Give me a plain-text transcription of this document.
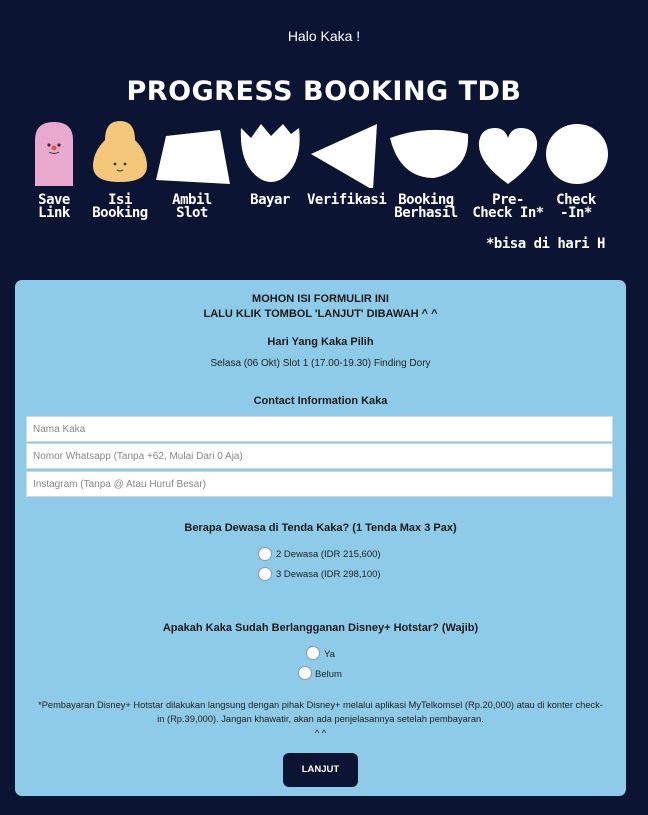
Halo Kaka !
PROGRESS BOOKING TDB
Save
Link
Isi
Booking
Ambil
Slot
Bayar	Verifikasi Booking
Berhasil
Pre-
Check In*
Check
-In*
*bisa di hari H
MOHON ISI FORMULIR INI
LALU KLIK TOMBOL 'LANJUT' DIBAWAH ^ ^
Hari Yang Kaka Pilih
Selasa (06 Okt) Slot 1 (17.00-19.30) Finding Dory
Contact Information Kaka
Nama Kaka
Nomor Whatsapp (Tanpa +62, Mulai Dari 0 Aja)
Instagram (Tanpa @ Atau Huruf Besar)
Berapa Dewasa di Tenda Kaka? (1 Tenda Max 3 Pax)
2 Dewasa (IDR 215,600)
3 Dewasa (IDR 298,100)
Apakah Kaka Sudah Berlangganan Disney+ Hotstar? (Wajib)
Ya
Belum
*Pembayaran Disney+ Hotstar dilakukan langsung dengan pihak Disney+ melalui aplikasi MyTelkomsel (Rp.20,000) atau di konter check-in (Rp.39,000). Jangan khawatir, akan ada penjelasannya setelah pembayaran.
^ ^
LANJUT
